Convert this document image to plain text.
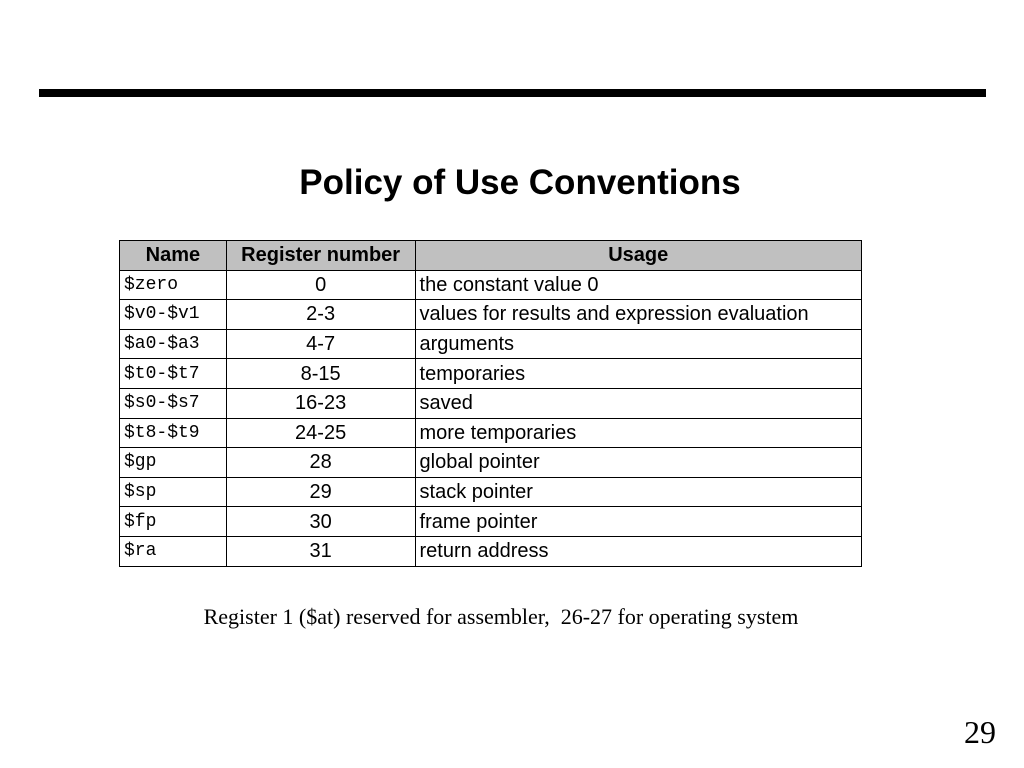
Policy of Use Conventions
Name	Register number	Usage
$zero	0	the constant value 0
$v0-$v1	2-3	values for results and expression evaluation
$a0-$a3	4-7	arguments
$t0-$t7	8-15	temporaries
$s0-$s7	16-23	saved
$t8-$t9	24-25	more temporaries
$gp	28	global pointer
$sp	29	stack pointer
$fp	30	frame pointer
$ra	31	return address
Register 1 ($at) reserved for assembler,  26-27 for operating system
29
